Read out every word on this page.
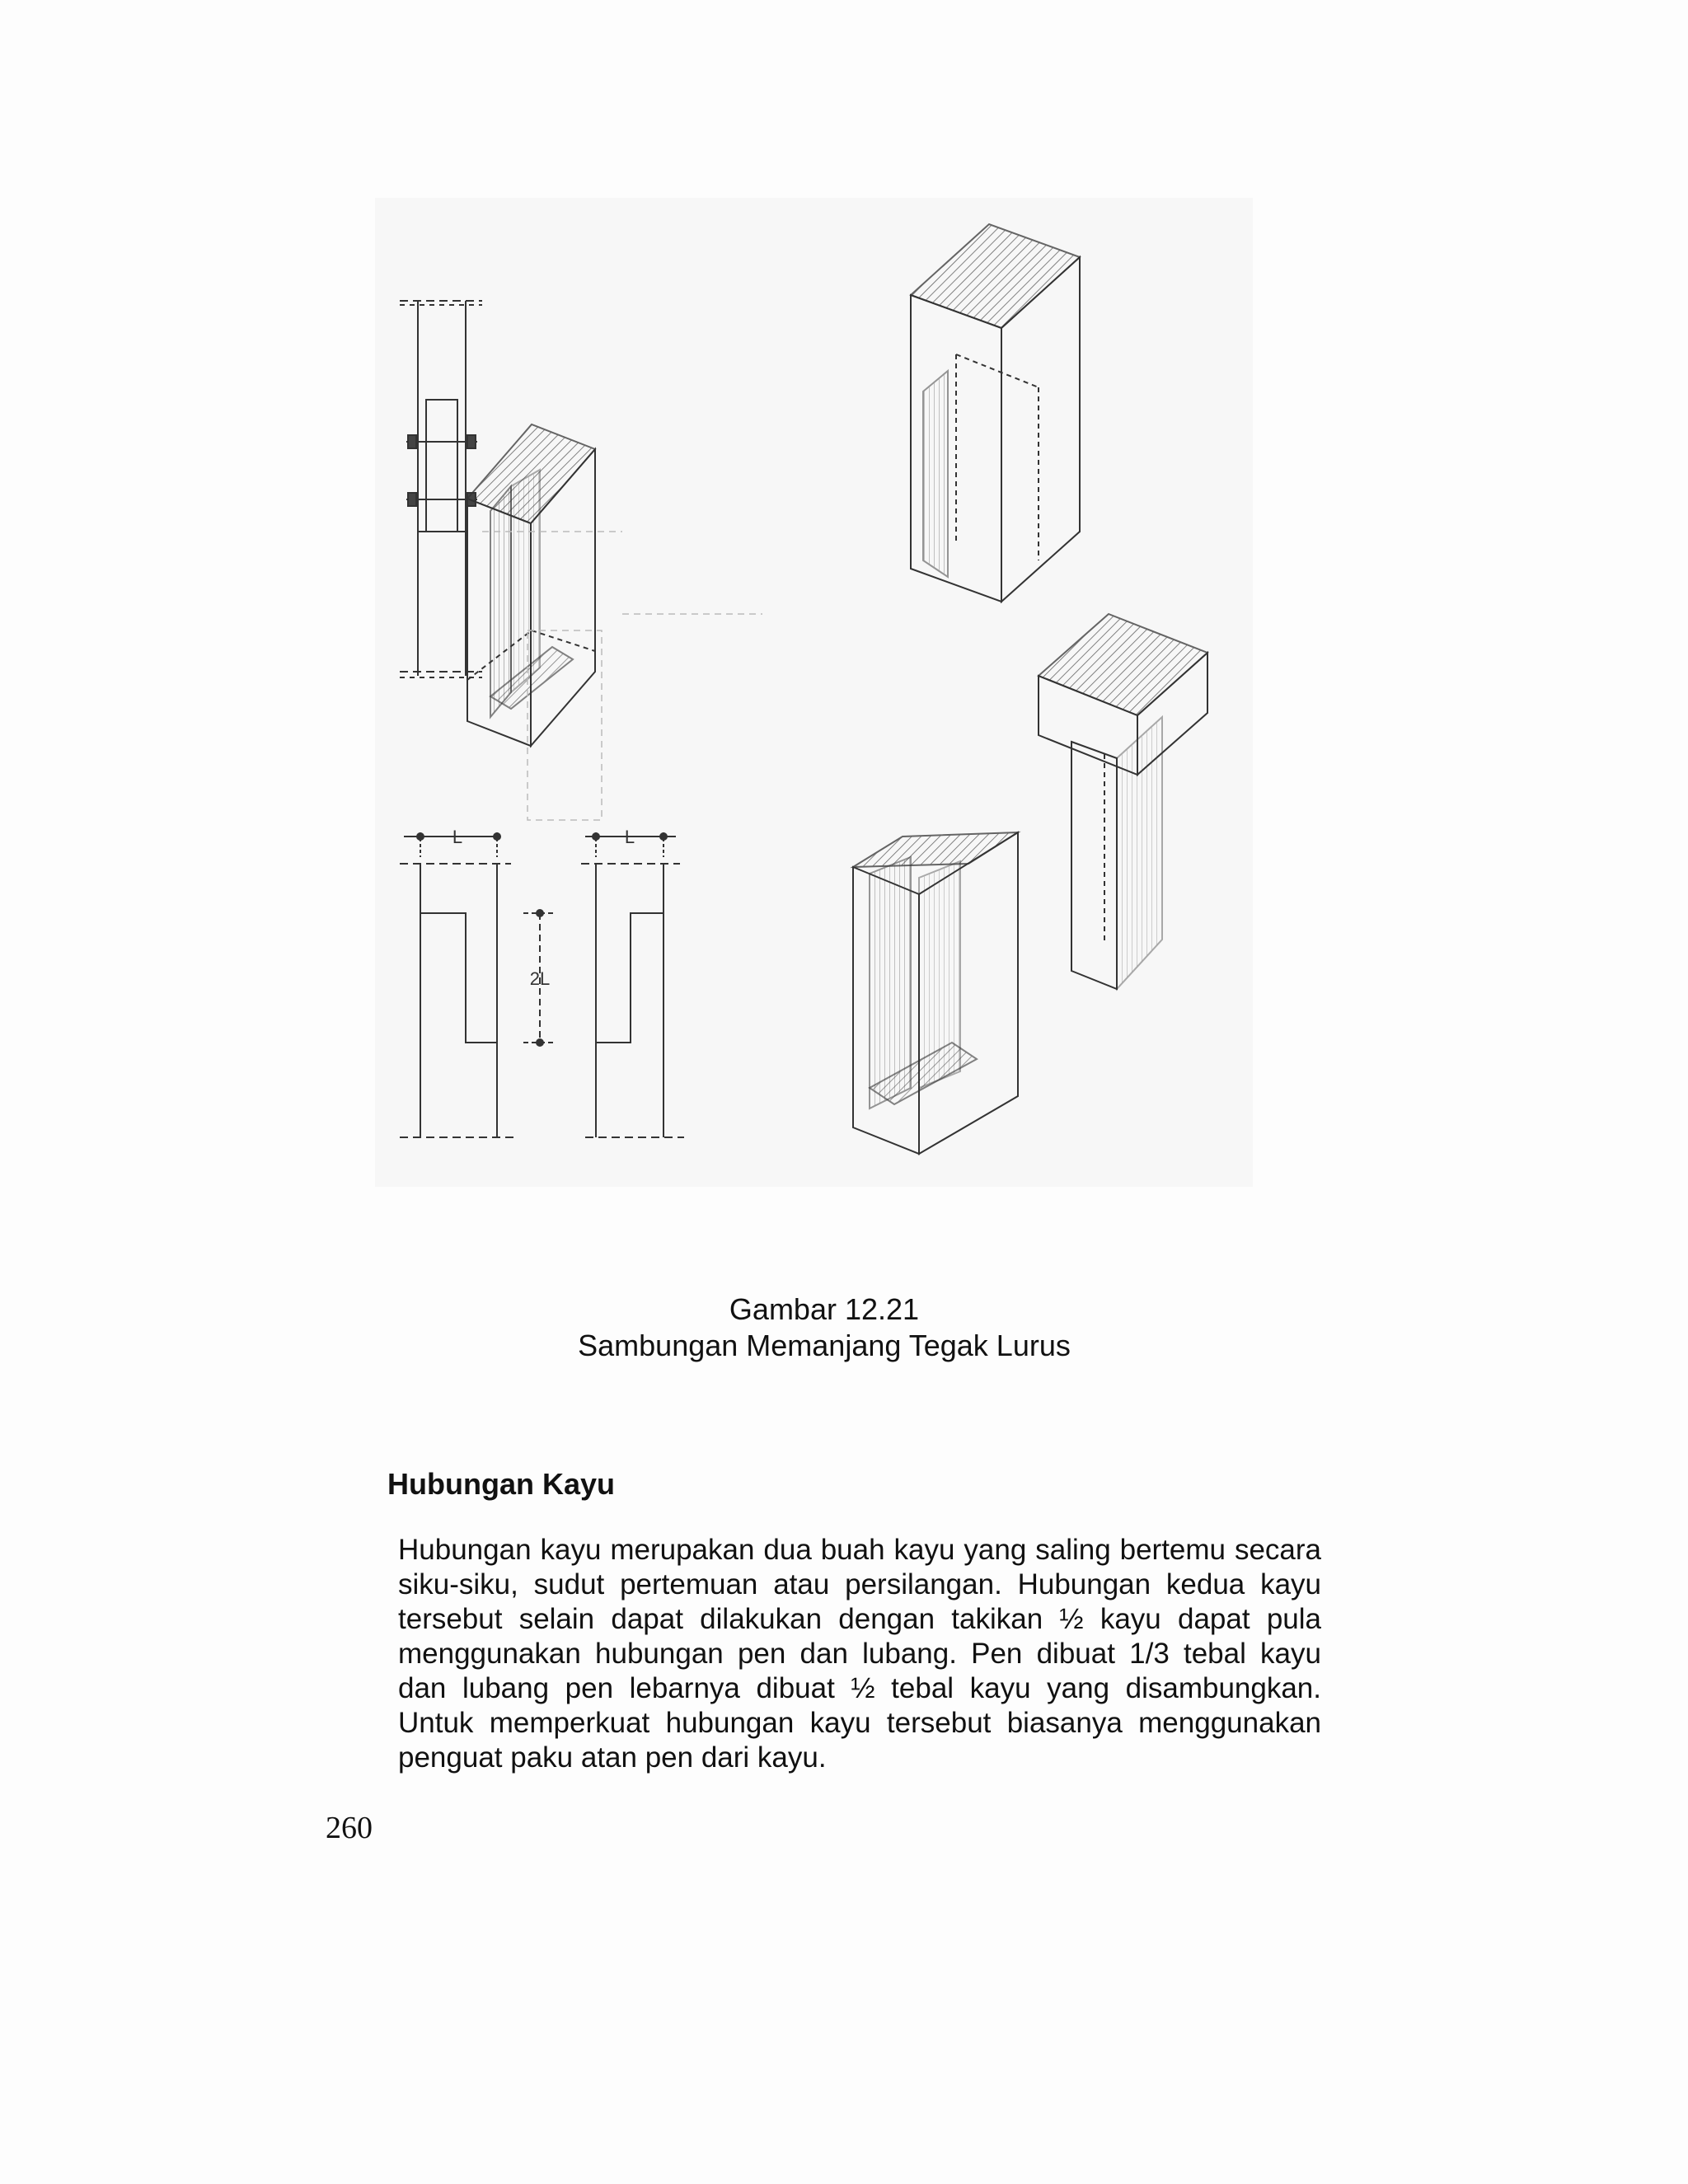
L
2L
L
Gambar 12.21
Sambungan Memanjang Tegak Lurus
Hubungan Kayu
Hubungan kayu merupakan dua buah kayu yang saling bertemu secara siku-siku, sudut pertemuan atau persilangan. Hubungan kedua kayu tersebut selain dapat dilakukan dengan takikan ½ kayu dapat pula menggunakan hubungan pen dan lubang. Pen dibuat 1/3 tebal kayu dan lubang pen lebarnya dibuat ½ tebal kayu yang disambungkan. Untuk memperkuat hubungan kayu tersebut biasanya menggunakan penguat paku atan pen dari kayu.
260
